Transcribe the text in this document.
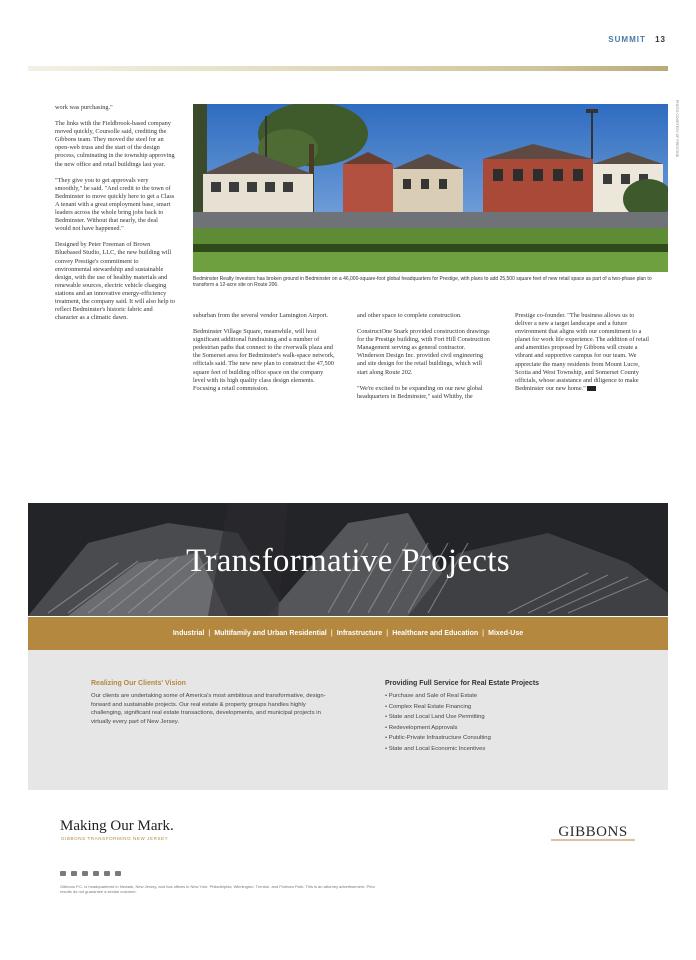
SUMMIT 13

work was purchasing."

The links with the Fieldbrook-based company moved quickly, Coursolle said, crediting the Gibbons team. They moved the steel for an open-web truss and the start of the design process, culminating in the township approving the new office and retail buildings last year.

"They give you to get approvals very smoothly," he said. "And credit to the town of Bedminster to move quickly here to get a Class A tenant with a great employment base, smart leaders across the whole bring jobs back to Bedminster. Without that nearly, the deal would not have happened."

Designed by Peter Freeman of Brown Bluebased Studio, LLC, the new building will convey Prestige's commitment to environmental stewardship and sustainable design, with the use of healthy materials and renewable sources, electric vehicle charging stations and an innovative energy-efficiency treatment, the company said. It will also help to reflect Bedminster's historic fabric and character as a climatic dawn.

PHOTO COURTESY OF PRESTIGE
Bedminster Realty Investors has broken ground in Bedminster on a 46,000-square-foot global headquarters for Prestige, with plans to add 25,500 square feet of new retail space as part of a two-phase plan to transform a 12-acre site on Route 206.

suburban from the several vendor Lamington Airport.

Bedminster Village Square, meanwhile, will host significant additional fundraising and a number of pedestrian paths that connect to the riverwalk plaza and the Somerset area for Bedminster's walk-space network, officials said. The new new plan to construct the 47,500 square feet of building office space on the company level with its high quality class design elements. Focusing a retail commission.

and other space to complete construction.

ConstructOne Snark provided construction drawings for the Prestige building, with Fort Hill Construction Management serving as general contractor. Winderson Design Inc. provided civil engineering and site design for the retail buildings, which will start along Route 202.

"We're excited to be expanding on our new global headquarters in Bedminster," said Whitby, the

Prestige co-founder. "The business allows us to deliver a new a target landscape and a future environment that aligns with our commitment to a planet for work life experience. The addition of retail and amenities proposed by Gibbons will create a vibrant and supportive campus for our team. We appreciate the many residents from Mount Lucre, Scotia and West Township, and Somerset County officials, whose assistance and diligence to make Bedminster our new home."

Transformative Projects
Industrial | Multifamily and Urban Residential | Infrastructure | Healthcare and Education | Mixed-Use
Realizing Our Clients' Vision

Our clients are undertaking some of America's most ambitious and transformative, design-forward and sustainable projects. Our real estate & property groups handles highly challenging, significant real estate transactions, developments, and municipal projects in virtually every part of New Jersey.

Providing Full Service for Real Estate Projects
• Purchase and Sale of Real Estate
• Complex Real Estate Financing
• State and Local Land Use Permitting
• Redevelopment Approvals
• Public-Private Infrastructure Consulting
• State and Local Economic Incentives
Making Our Mark.
GIBBONS TRANSFORMING NEW JERSEY	GIBBONS
Gibbons P.C. is headquartered in Newark, New Jersey, and has offices in New York, Philadelphia, Wilmington, Trenton, and Florham Park. This is an attorney advertisement. Prior results do not guarantee a similar outcome.
